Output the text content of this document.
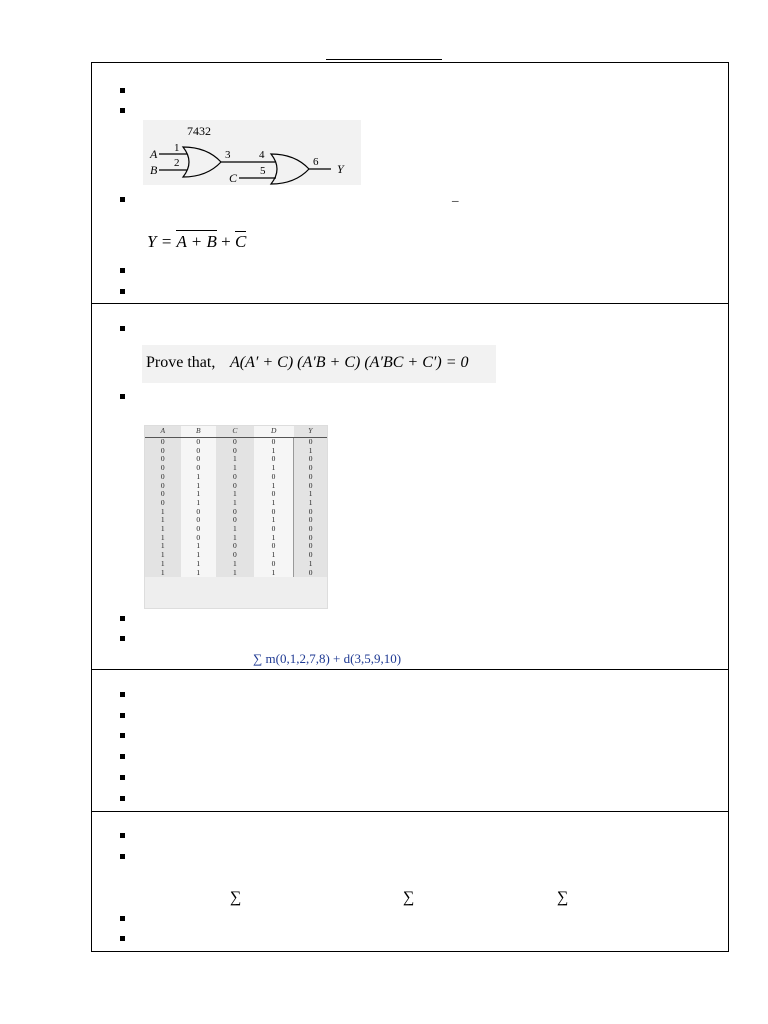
7432
1
2
3	4
5
6
A
B
C
Y
_
Y = A + B + C
Prove that, A(A′ + C) (A′B + C) (A′BC + C′) = 0
A	B	C	D	Y
0	0	0	0	0
0	0	0	1	1
0	0	1	0	0
0	0	1	1	0
0	1	0	0	0
0	1	0	1	0
0	1	1	0	1
0	1	1	1	1
1	0	0	0	0
1	0	0	1	0
1	0	1	0	0
1	0	1	1	0
1	1	0	0	0
1	1	0	1	0
1	1	1	0	1
1	1	1	1	0
∑ m(0,1,2,7,8) + d(3,5,9,10)
∑	∑	∑
